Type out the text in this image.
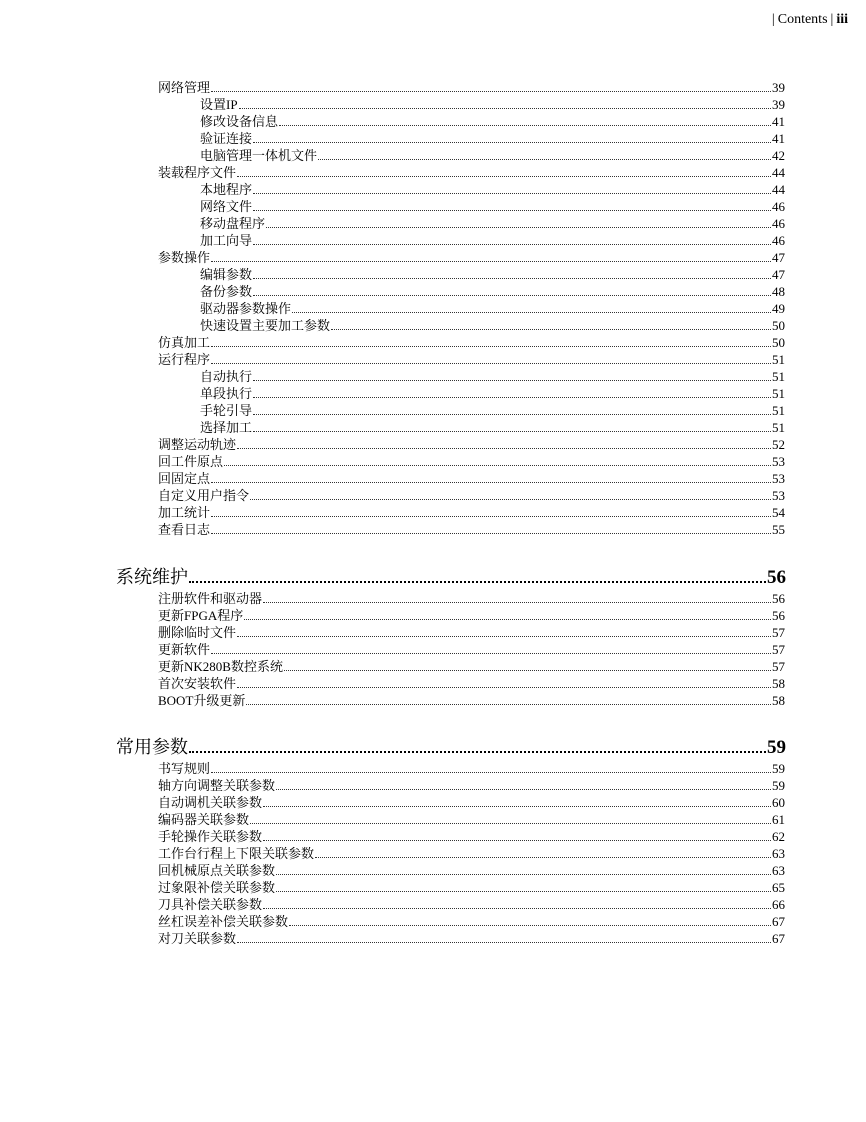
| Contents | iii
网络管理	39
设置IP	39
修改设备信息	41
验证连接	41
电脑管理一体机文件	42
装载程序文件	44
本地程序	44
网络文件	46
移动盘程序	46
加工向导	46
参数操作	47
编辑参数	47
备份参数	48
驱动器参数操作	49
快速设置主要加工参数	50
仿真加工	50
运行程序	51
自动执行	51
单段执行	51
手轮引导	51
选择加工	51
调整运动轨迹	52
回工件原点	53
回固定点	53
自定义用户指令	53
加工统计	54
查看日志	55
系统维护	56
注册软件和驱动器	56
更新FPGA程序	56
删除临时文件	57
更新软件	57
更新NK280B数控系统	57
首次安装软件	58
BOOT升级更新	58
常用参数	59
书写规则	59
轴方向调整关联参数	59
自动调机关联参数	60
编码器关联参数	61
手轮操作关联参数	62
工作台行程上下限关联参数	63
回机械原点关联参数	63
过象限补偿关联参数	65
刀具补偿关联参数	66
丝杠误差补偿关联参数	67
对刀关联参数	67
